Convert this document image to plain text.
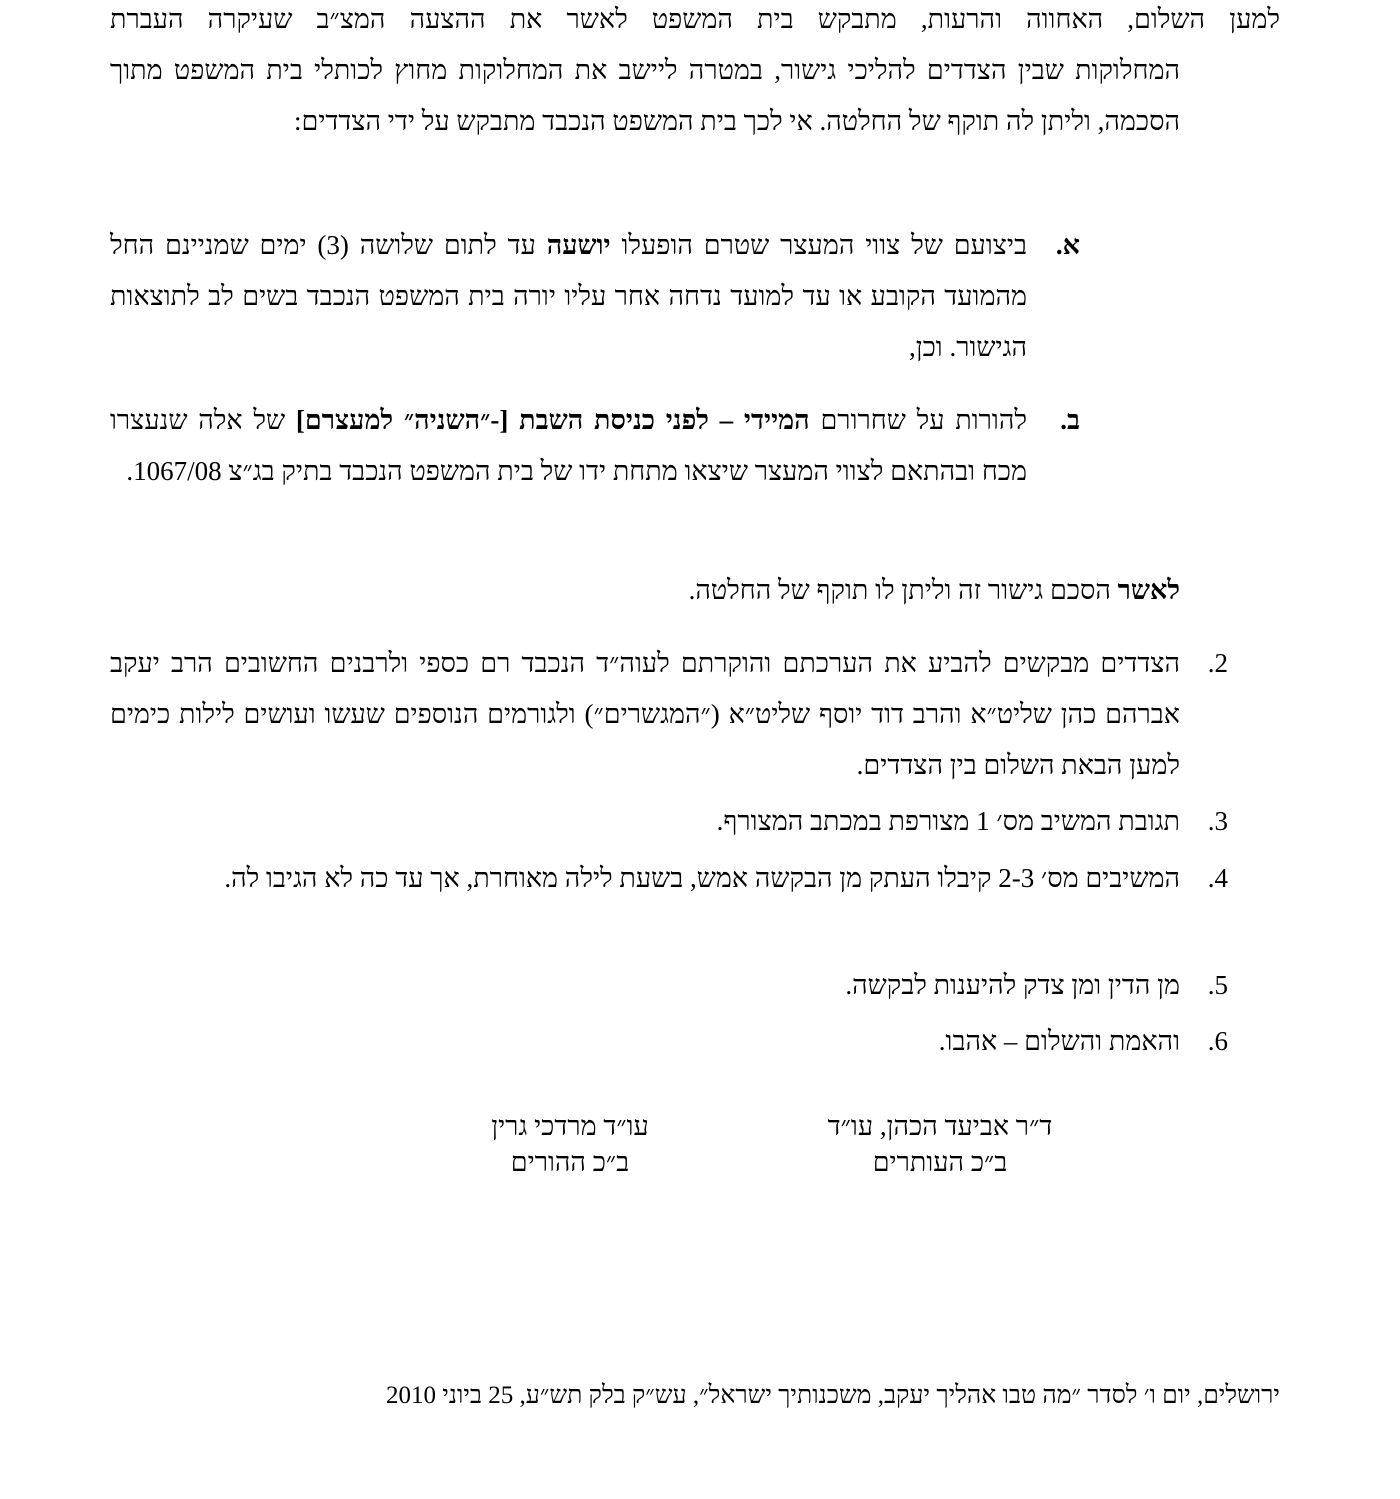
למען השלום, האחווה והרעות, מתבקש בית המשפט לאשר את ההצעה המצ״ב שעיקרה העברת
המחלוקות שבין הצדדים להליכי גישור, במטרה ליישב את המחלוקות מחוץ לכותלי בית המשפט מתוך הסכמה, וליתן לה תוקף של החלטה. אי לכך בית המשפט הנכבד מתבקש על ידי הצדדים:
א.
ביצועם של צווי המעצר שטרם הופעלו יושעה עד לתום שלושה (3) ימים שמניינם החל מהמועד הקובע או עד למועד נדחה אחר עליו יורה בית המשפט הנכבד בשים לב לתוצאות הגישור. וכן,
ב.
להורות על שחרורם המיידי – לפני כניסת השבת [-״השניה״ למעצרם] של אלה שנעצרו מכח ובהתאם לצווי המעצר שיצאו מתחת ידו של בית המשפט הנכבד בתיק בג״צ 1067/08.
לאשר הסכם גישור זה וליתן לו תוקף של החלטה.
2.
הצדדים מבקשים להביע את הערכתם והוקרתם לעוה״ד הנכבד רם כספי ולרבנים החשובים הרב יעקב אברהם כהן שליט״א והרב דוד יוסף שליט״א (״המגשרים״) ולגורמים הנוספים שעשו ועושים לילות כימים למען הבאת השלום בין הצדדים.
3.
תגובת המשיב מס׳ 1 מצורפת במכתב המצורף.
4.
המשיבים מס׳ 2-3 קיבלו העתק מן הבקשה אמש, בשעת לילה מאוחרת, אך עד כה לא הגיבו לה.
5.
מן הדין ומן צדק להיענות לבקשה.
6.
והאמת והשלום – אהבו.
ד״ר אביעד הכהן, עו״ד
ב״כ העותרים
עו״ד מרדכי גרין
ב״כ ההורים
ירושלים, יום ו׳ לסדר ״מה טבו אהליך יעקב, משכנותיך ישראל״, עש״ק בלק תש״ע, 25 ביוני 2010
